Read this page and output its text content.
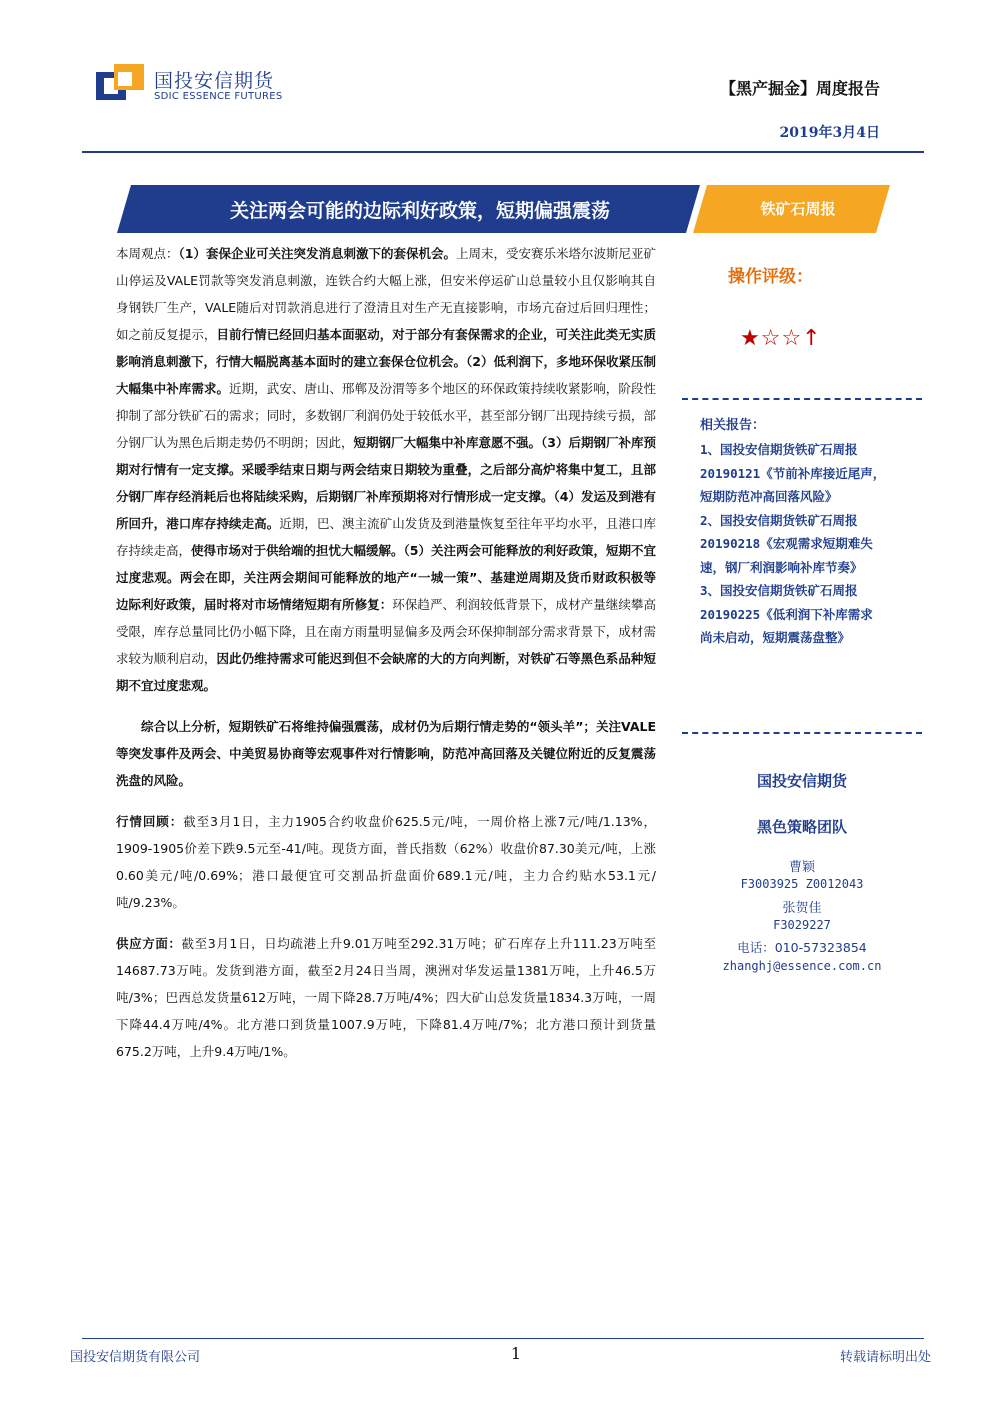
国投安信期货
SDIC ESSENCE FUTURES	【黑产掘金】周度报告
2019年3月4日
关注两会可能的边际利好政策，短期偏强震荡	铁矿石周报

本周观点：（1）套保企业可关注突发消息刺激下的套保机会。上周末，受安赛乐米塔尔波斯尼亚矿山停运及VALE罚款等突发消息刺激，连铁合约大幅上涨，但安米停运矿山总量较小且仅影响其自身钢铁厂生产，VALE随后对罚款消息进行了澄清且对生产无直接影响，市场亢奋过后回归理性；如之前反复提示，目前行情已经回归基本面驱动，对于部分有套保需求的企业，可关注此类无实质影响消息刺激下，行情大幅脱离基本面时的建立套保仓位机会。（2）低利润下，多地环保收紧压制大幅集中补库需求。近期，武安、唐山、邢郸及汾渭等多个地区的环保政策持续收紧影响，阶段性抑制了部分铁矿石的需求；同时，多数钢厂利润仍处于较低水平，甚至部分钢厂出现持续亏损，部分钢厂认为黑色后期走势仍不明朗；因此，短期钢厂大幅集中补库意愿不强。（3）后期钢厂补库预期对行情有一定支撑。采暖季结束日期与两会结束日期较为重叠，之后部分高炉将集中复工，且部分钢厂库存经消耗后也将陆续采购，后期钢厂补库预期将对行情形成一定支撑。（4）发运及到港有所回升，港口库存持续走高。近期，巴、澳主流矿山发货及到港量恢复至往年平均水平，且港口库存持续走高，使得市场对于供给端的担忧大幅缓解。（5）关注两会可能释放的利好政策，短期不宜过度悲观。两会在即，关注两会期间可能释放的地产“一城一策”、基建逆周期及货币财政积极等边际利好政策，届时将对市场情绪短期有所修复：环保趋严、利润较低背景下，成材产量继续攀高受限，库存总量同比仍小幅下降，且在南方雨量明显偏多及两会环保抑制部分需求背景下，成材需求较为顺利启动，因此仍维持需求可能迟到但不会缺席的大的方向判断，对铁矿石等黑色系品种短期不宜过度悲观。

综合以上分析，短期铁矿石将维持偏强震荡，成材仍为后期行情走势的“领头羊”；关注VALE等突发事件及两会、中美贸易协商等宏观事件对行情影响，防范冲高回落及关键位附近的反复震荡洗盘的风险。

行情回顾：截至3月1日，主力1905合约收盘价625.5元/吨，一周价格上涨7元/吨/1.13%，1909-1905价差下跌9.5元至-41/吨。现货方面，普氏指数（62%）收盘价87.30美元/吨，上涨0.60美元/吨/0.69%；港口最便宜可交割品折盘面价689.1元/吨，主力合约贴水53.1元/吨/9.23%。

供应方面：截至3月1日，日均疏港上升9.01万吨至292.31万吨；矿石库存上升111.23万吨至14687.73万吨。发货到港方面，截至2月24日当周，澳洲对华发运量1381万吨，上升46.5万吨/3%；巴西总发货量612万吨，一周下降28.7万吨/4%；四大矿山总发货量1834.3万吨，一周下降44.4万吨/4%。北方港口到货量1007.9万吨，下降81.4万吨/7%；北方港口预计到货量675.2万吨，上升9.4万吨/1%。

操作评级：
★☆☆↑
相关报告：
1、国投安信期货铁矿石周报
20190121《节前补库接近尾声，
短期防范冲高回落风险》
2、国投安信期货铁矿石周报
20190218《宏观需求短期难失
速，钢厂利润影响补库节奏》
3、国投安信期货铁矿石周报
20190225《低利润下补库需求
尚未启动，短期震荡盘整》
国投安信期货
黑色策略团队
曹颖
F3003925 Z0012043
张贺佳
F3029227
电话：010-57323854
zhanghj@essence.com.cn
国投安信期货有限公司	1	转载请标明出处
